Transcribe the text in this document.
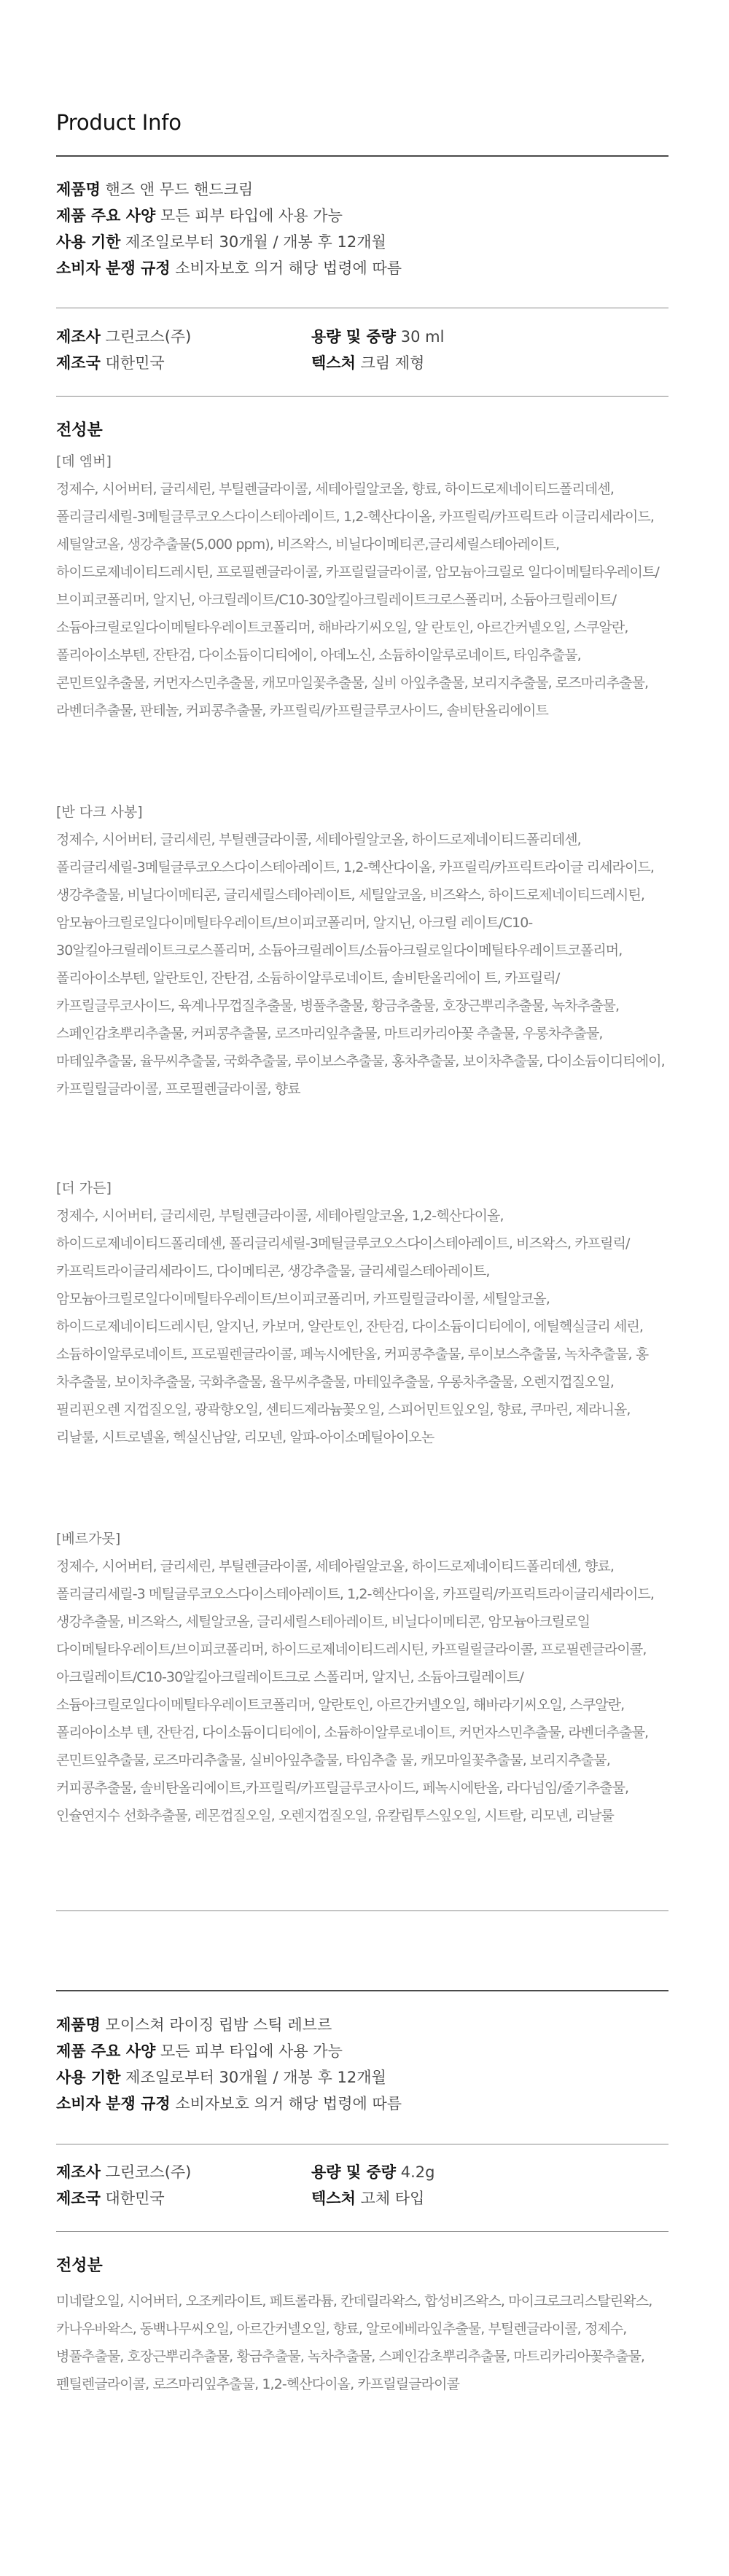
Product Info
제품명 핸즈 앤 무드 핸드크림
제품 주요 사양 모든 피부 타입에 사용 가능
사용 기한 제조일로부터 30개월 / 개봉 후 12개월
소비자 분쟁 규정 소비자보호 의거 해당 법령에 따름
제조사 그린코스(주)	용량 및 중량 30 ml
제조국 대한민국	텍스처 크림 제형
전성분
[데 엠버]
정제수, 시어버터, 글리세린, 부틸렌글라이콜, 세테아릴알코올, 향료, 하이드로제네이티드폴리데센, 폴리글리세릴-3메틸글루코오스다이스테아레이트, 1,2-헥산다이올, 카프릴릭/카프릭트라 이글리세라이드, 세틸알코올, 생강추출물(5,000 ppm), 비즈왁스, 비닐다이메티콘,글리세릴스테아레이트, 하이드로제네이티드레시틴, 프로필렌글라이콜, 카프릴릴글라이콜, 암모늄아크릴로 일다이메틸타우레이트/브이피코폴리머, 알지닌, 아크릴레이트/C10-30알킬아크릴레이트크로스폴리머, 소듐아크릴레이트/소듐아크릴로일다이메틸타우레이트코폴리머, 해바라기씨오일, 알 란토인, 아르간커넬오일, 스쿠알란, 폴리아이소부텐, 잔탄검, 다이소듐이디티에이, 아데노신, 소듐하이알루로네이트, 타임추출물, 콘민트잎추출물, 커먼자스민추출물, 캐모마일꽃추출물, 실비 아잎추출물, 보리지추출물, 로즈마리추출물, 라벤더추출물, 판테놀, 커피콩추출물, 카프릴릭/카프릴글루코사이드, 솔비탄올리에이트
[반 다크 사봉]
정제수, 시어버터, 글리세린, 부틸렌글라이콜, 세테아릴알코올, 하이드로제네이티드폴리데센, 폴리글리세릴-3메틸글루코오스다이스테아레이트, 1,2-헥산다이올, 카프릴릭/카프릭트라이글 리세라이드, 생강추출물, 비닐다이메티콘, 글리세릴스테아레이트, 세틸알코올, 비즈왁스, 하이드로제네이티드레시틴, 암모늄아크릴로일다이메틸타우레이트/브이피코폴리머, 알지닌, 아크릴 레이트/C10-30알킬아크릴레이트크로스폴리머, 소듐아크릴레이트/소듐아크릴로일다이메틸타우레이트코폴리머, 폴리아이소부텐, 알란토인, 잔탄검, 소듐하이알루로네이트, 솔비탄올리에이 트, 카프릴릭/카프릴글루코사이드, 육계나무껍질추출물, 병풀추출물, 황금추출물, 호장근뿌리추출물, 녹차추출물, 스페인감초뿌리추출물, 커피콩추출물, 로즈마리잎추출물, 마트리카리아꽃 추출물, 우롱차추출물, 마테잎추출물, 율무씨추출물, 국화추출물, 루이보스추출물, 홍차추출물, 보이차추출물, 다이소듐이디티에이, 카프릴릴글라이콜, 프로필렌글라이콜, 향료
[더 가든]
정제수, 시어버터, 글리세린, 부틸렌글라이콜, 세테아릴알코올, 1,2-헥산다이올, 하이드로제네이티드폴리데센, 폴리글리세릴-3메틸글루코오스다이스테아레이트, 비즈왁스, 카프릴릭/카프릭트라이글리세라이드, 다이메티콘, 생강추출물, 글리세릴스테아레이트, 암모늄아크릴로일다이메틸타우레이트/브이피코폴리머, 카프릴릴글라이콜, 세틸알코올, 하이드로제네이티드레시틴, 알지닌, 카보머, 알란토인, 잔탄검, 다이소듐이디티에이, 에틸헥실글리 세린, 소듐하이알루로네이트, 프로필렌글라이콜, 페녹시에탄올, 커피콩추출물, 루이보스추출물, 녹차추출물, 홍 차추출물, 보이차추출물, 국화추출물, 율무씨추출물, 마테잎추출물, 우롱차추출물, 오렌지껍질오일, 필리핀오렌 지껍질오일, 광곽향오일, 센티드제라늄꽃오일, 스피어민트잎오일, 향료, 쿠마린, 제라니올, 리날룰, 시트로넬올, 헥실신남알, 리모넨, 알파-아이소메틸아이오논
[베르가못]
정제수, 시어버터, 글리세린, 부틸렌글라이콜, 세테아릴알코올, 하이드로제네이티드폴리데센, 향료, 폴리글리세릴-3 메틸글루코오스다이스테아레이트, 1,2-헥산다이올, 카프릴릭/카프릭트라이글리세라이드, 생강추출물, 비즈왁스, 세틸알코올, 글리세릴스테아레이트, 비닐다이메티콘, 암모늄아크릴로일 다이메틸타우레이트/브이피코폴리머, 하이드로제네이티드레시틴, 카프릴릴글라이콜, 프로필렌글라이콜, 아크릴레이트/C10-30알킬아크릴레이트크로 스폴리머, 알지닌, 소듐아크릴레이트/소듐아크릴로일다이메틸타우레이트코폴리머, 알란토인, 아르간커넬오일, 해바라기씨오일, 스쿠알란,폴리아이소부 텐, 잔탄검, 다이소듐이디티에이, 소듐하이알루로네이트, 커먼자스민추출물, 라벤더추출물, 콘민트잎추출물, 로즈마리추출물, 실비아잎추출물, 타임추출 물, 캐모마일꽃추출물, 보리지추출물, 커피콩추출물, 솔비탄올리에이트,카프릴릭/카프릴글루코사이드, 페녹시에탄올, 라다넘임/줄기추출물, 인슐연지수 선화추출물, 레몬껍질오일, 오렌지껍질오일, 유칼립투스잎오일, 시트랄, 리모넨, 리날룰
제품명 모이스쳐 라이징 립밤 스틱 레브르
제품 주요 사양 모든 피부 타입에 사용 가능
사용 기한 제조일로부터 30개월 / 개봉 후 12개월
소비자 분쟁 규정 소비자보호 의거 해당 법령에 따름
제조사 그린코스(주)	용량 및 중량 4.2g
제조국 대한민국	텍스처 고체 타입
전성분
미네랄오일, 시어버터, 오조케라이트, 페트롤라튬, 칸데릴라왁스, 합성비즈왁스, 마이크로크리스탈린왁스, 카나우바왁스, 동백나무씨오일, 아르간커넬오일, 향료, 알로에베라잎추출물, 부틸렌글라이콜, 정제수, 병풀추출물, 호장근뿌리추출물, 황금추출물, 녹차추출물, 스페인감초뿌리추출물, 마트리카리아꽃추출물, 펜틸렌글라이콜, 로즈마리잎추출물, 1,2-헥산다이올, 카프릴릴글라이콜
